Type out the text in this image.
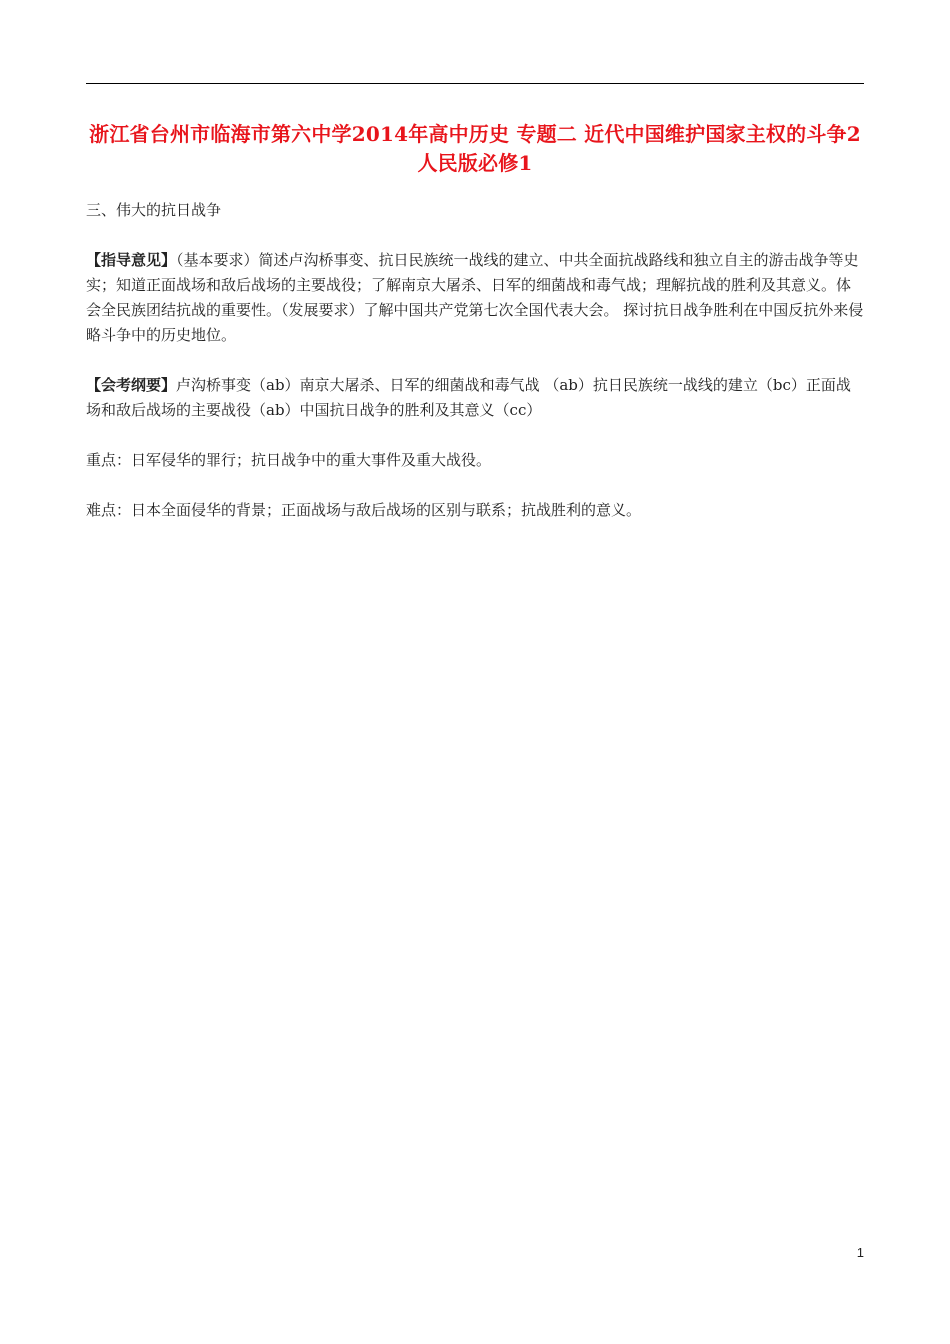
浙江省台州市临海市第六中学2014年高中历史 专题二 近代中国维护国家主权的斗争2 人民版必修1
三、伟大的抗日战争

【指导意见】（基本要求）简述卢沟桥事变、抗日民族统一战线的建立、中共全面抗战路线和独立自主的游击战争等史实；知道正面战场和敌后战场的主要战役；了解南京大屠杀、日军的细菌战和毒气战；理解抗战的胜利及其意义。体会全民族团结抗战的重要性。（发展要求）了解中国共产党第七次全国代表大会。 探讨抗日战争胜利在中国反抗外来侵略斗争中的历史地位。

【会考纲要】卢沟桥事变（ab）南京大屠杀、日军的细菌战和毒气战 （ab）抗日民族统一战线的建立（bc）正面战场和敌后战场的主要战役（ab）中国抗日战争的胜利及其意义（cc）

重点：日军侵华的罪行；抗日战争中的重大事件及重大战役。

难点：日本全面侵华的背景；正面战场与敌后战场的区别与联系；抗战胜利的意义。

1
